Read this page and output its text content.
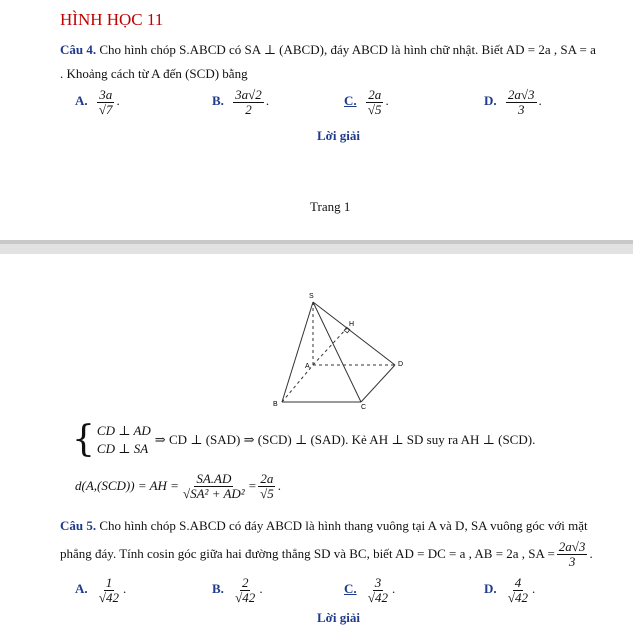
HÌNH HỌC 11
Câu 4. Cho hình chóp S.ABCD có SA ⊥ (ABCD), đáy ABCD là hình chữ nhật. Biết AD = 2a , SA = a
. Khoảng cách từ A đến (SCD) bằng
A. $\frac{3a}{√7}$ .	B. $\frac{3a√2}{2}$ .	C. $\frac{2a}{√5}$ .	D. $\frac{2a√3}{3}$ .
Lời giải
Trang 1
S
H
A	D
B	C
{ CD ⊥ AD
CD ⊥ SA
⇒ CD ⊥ (SAD) ⇒ (SCD) ⊥ (SAD). Kẻ AH ⊥ SD suy ra AH ⊥ (SCD).
d(A,(SCD)) = AH = $\frac{SA.AD}{\text{√SA² + AD²}} = \frac{2a}{√5}$ .
Câu 5. Cho hình chóp S.ABCD có đáy ABCD là hình thang vuông tại A và D, SA vuông góc với mặt
phẳng đáy. Tính cosin góc giữa hai đường thẳng SD và BC, biết AD = DC = a , AB = 2a , SA = $\frac{2a√3}{3}$ .
A. $\frac{1}{√42}$ .	B. $\frac{2}{√42}$ .	C. $\frac{3}{√42}$ .	D. $\frac{4}{√42}$ .
Lời giải
